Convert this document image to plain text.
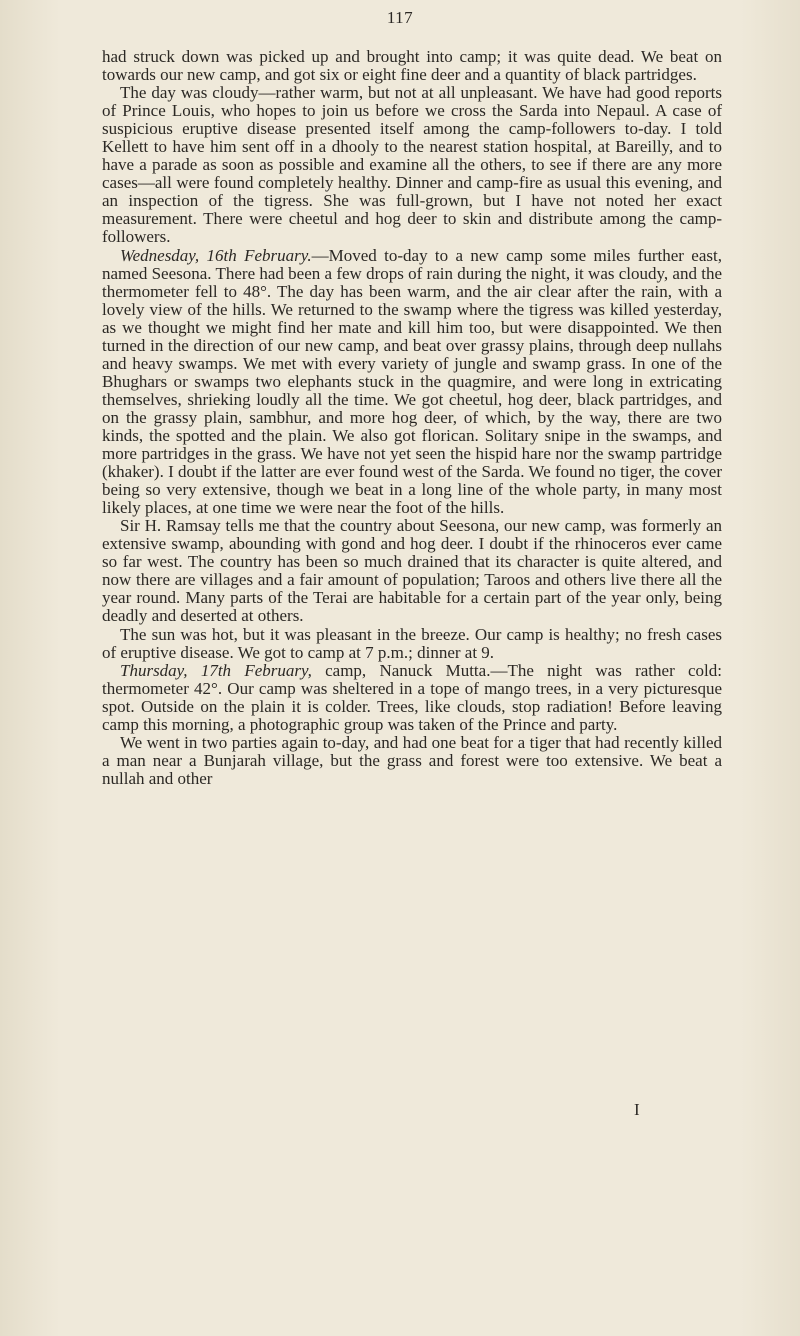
117

had struck down was picked up and brought into camp; it was quite dead. We beat on towards our new camp, and got six or eight fine deer and a quantity of black partridges.

The day was cloudy—rather warm, but not at all unpleasant. We have had good reports of Prince Louis, who hopes to join us before we cross the Sarda into Nepaul. A case of suspicious eruptive disease presented itself among the camp-followers to-day. I told Kellett to have him sent off in a dhooly to the nearest station hospital, at Bareilly, and to have a parade as soon as possible and examine all the others, to see if there are any more cases—all were found completely healthy. Dinner and camp-fire as usual this evening, and an inspection of the tigress. She was full-grown, but I have not noted her exact measurement. There were cheetul and hog deer to skin and distribute among the camp-followers.

Wednesday, 16th February.—Moved to-day to a new camp some miles further east, named Seesona. There had been a few drops of rain during the night, it was cloudy, and the thermometer fell to 48°. The day has been warm, and the air clear after the rain, with a lovely view of the hills. We returned to the swamp where the tigress was killed yesterday, as we thought we might find her mate and kill him too, but were disappointed. We then turned in the direction of our new camp, and beat over grassy plains, through deep nullahs and heavy swamps. We met with every variety of jungle and swamp grass. In one of the Bhughars or swamps two elephants stuck in the quagmire, and were long in extricating themselves, shrieking loudly all the time. We got cheetul, hog deer, black partridges, and on the grassy plain, sambhur, and more hog deer, of which, by the way, there are two kinds, the spotted and the plain. We also got florican. Solitary snipe in the swamps, and more partridges in the grass. We have not yet seen the hispid hare nor the swamp partridge (khaker). I doubt if the latter are ever found west of the Sarda. We found no tiger, the cover being so very extensive, though we beat in a long line of the whole party, in many most likely places, at one time we were near the foot of the hills.

Sir H. Ramsay tells me that the country about Seesona, our new camp, was formerly an extensive swamp, abounding with gond and hog deer. I doubt if the rhinoceros ever came so far west. The country has been so much drained that its character is quite altered, and now there are villages and a fair amount of population; Taroos and others live there all the year round. Many parts of the Terai are habitable for a certain part of the year only, being deadly and deserted at others.

The sun was hot, but it was pleasant in the breeze. Our camp is healthy; no fresh cases of eruptive disease. We got to camp at 7 p.m.; dinner at 9.

Thursday, 17th February, camp, Nanuck Mutta.—The night was rather cold: thermometer 42°. Our camp was sheltered in a tope of mango trees, in a very picturesque spot. Outside on the plain it is colder. Trees, like clouds, stop radiation! Before leaving camp this morning, a photographic group was taken of the Prince and party.

We went in two parties again to-day, and had one beat for a tiger that had recently killed a man near a Bunjarah village, but the grass and forest were too extensive. We beat a nullah and other

I
